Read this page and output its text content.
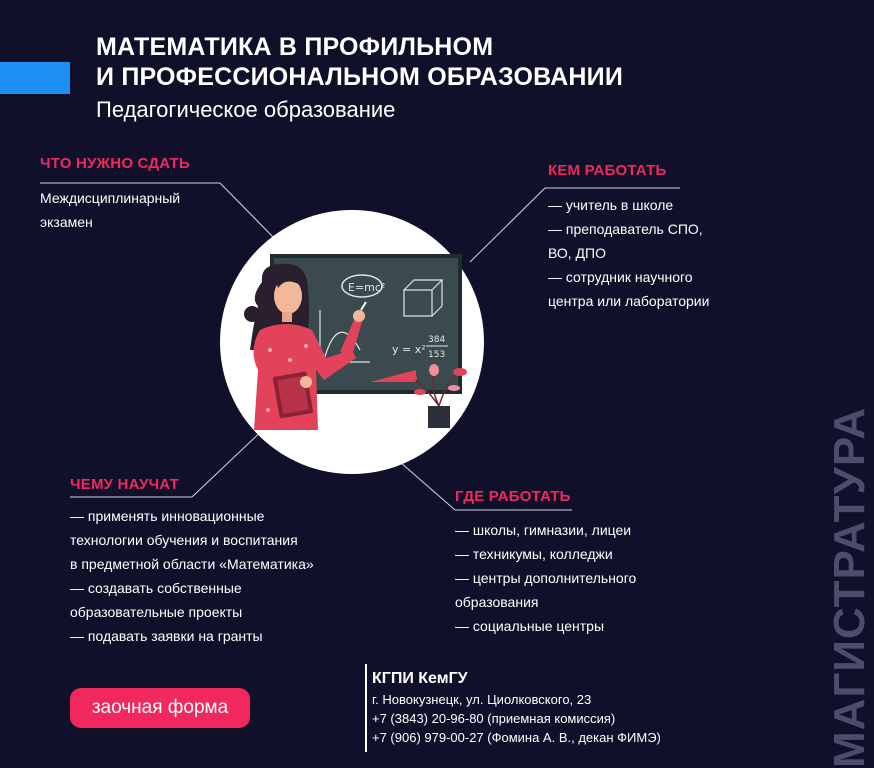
МАТЕМАТИКА В ПРОФИЛЬНОМ
И ПРОФЕССИОНАЛЬНОМ ОБРАЗОВАНИИ
Педагогическое образование
ЧТО НУЖНО СДАТЬ
Междисциплинарный
экзамен
КЕМ РАБОТАТЬ
— учитель в школе
— преподаватель СПО,
ВО, ДПО
— сотрудник научного
центра или лаборатории
ЧЕМУ НАУЧАТ
— применять инновационные
технологии обучения и воспитания
в предметной области «Математика»
— создавать собственные
образовательные проекты
— подавать заявки на гранты
ГДЕ РАБОТАТЬ
— школы, гимназии, лицеи
— техникумы, колледжи
— центры дополнительного
образования
— социальные центры
E=mc²
y = x²
384
153
заочная форма
КГПИ КемГУ
г. Новокузнецк, ул. Циолковского, 23
+7 (3843) 20-96-80 (приемная комиссия)
+7 (906) 979-00-27 (Фомина А. В., декан ФИМЭ)	МАГИСТРАТУРА
